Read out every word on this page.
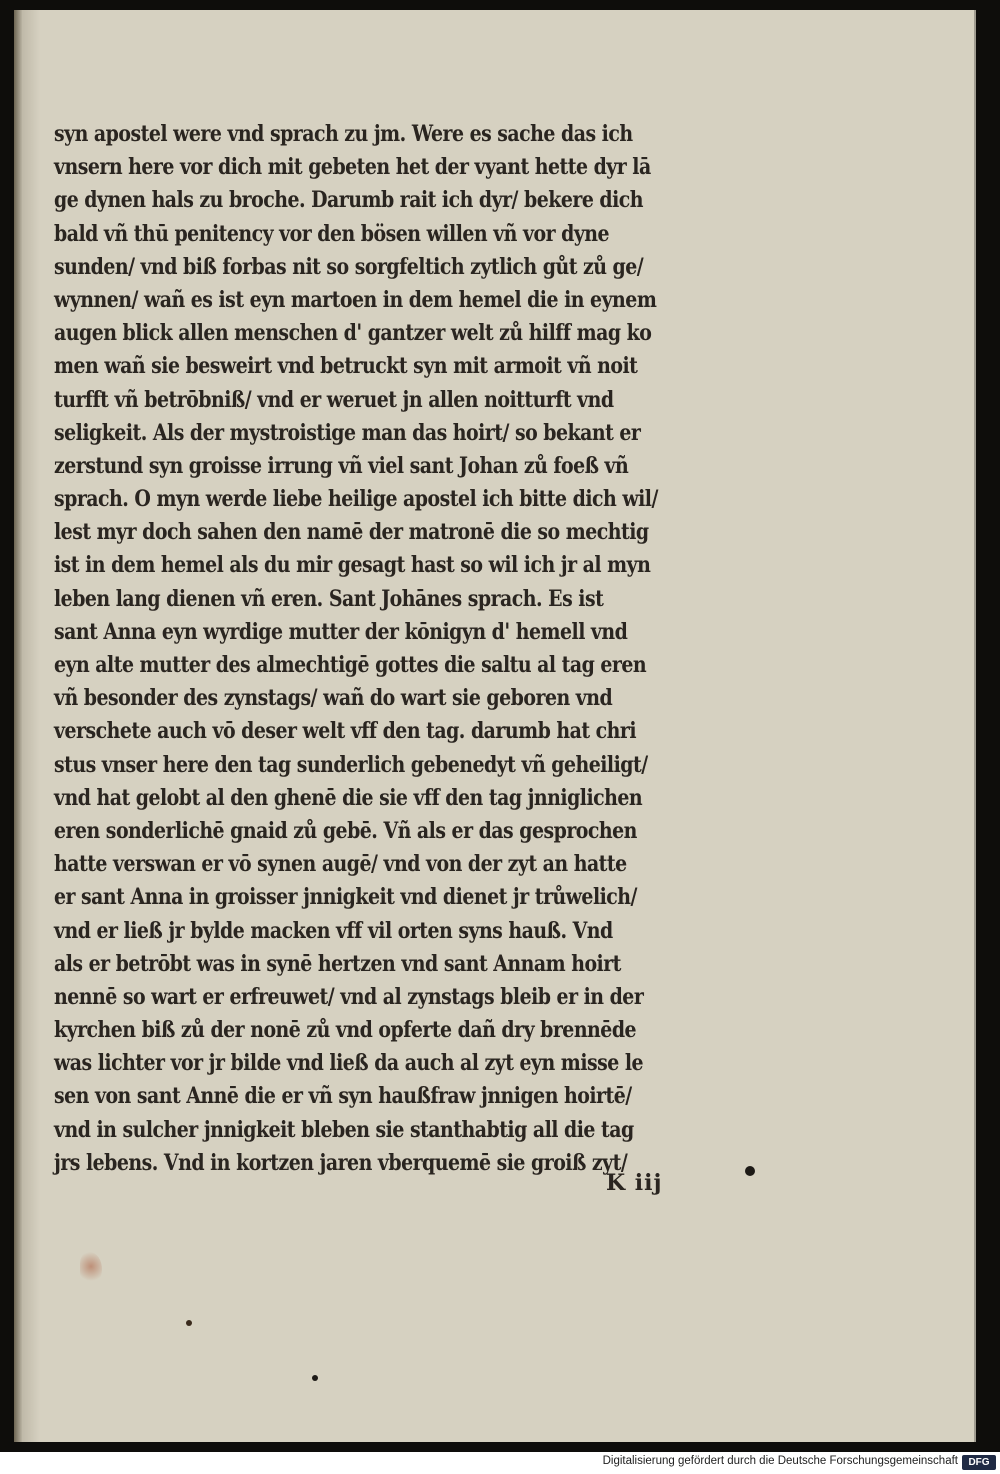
syn apostel were vnd sprach zu jm. Were es sache das ich
vnsern here vor dich mit gebeten het der vyant hette dyr lā
ge dynen hals zu broche. Darumb rait ich dyr/ bekere dich
bald vñ thū penitency vor den bösen willen vñ vor dyne
sunden/ vnd biß forbas nit so sorgfeltich zytlich gůt zů ge/
wynnen/ wañ es ist eyn martoen in dem hemel die in eynem
augen blick allen menschen d' gantzer welt zů hilff mag ko
men wañ sie besweirt vnd betruckt syn mit armoit vñ noit
turfft vñ betrōbniß/ vnd er weruet jn allen noitturft vnd
seligkeit. Als der mystroistige man das hoirt/ so bekant er
zerstund syn groisse irrung vñ viel sant Johan zů foeß vñ
sprach. O myn werde liebe heilige apostel ich bitte dich wil/
lest myr doch sahen den namē der matronē die so mechtig
ist in dem hemel als du mir gesagt hast so wil ich jr al myn
leben lang dienen vñ eren. Sant Johānes sprach. Es ist
sant Anna eyn wyrdige mutter der kōnigyn d' hemell vnd
eyn alte mutter des almechtigē gottes die saltu al tag eren
vñ besonder des zynstags/ wañ do wart sie geboren vnd
verschete auch vō deser welt vff den tag. darumb hat chri
stus vnser here den tag sunderlich gebenedyt vñ geheiligt/
vnd hat gelobt al den ghenē die sie vff den tag jnniglichen
eren sonderlichē gnaid zů gebē. Vñ als er das gesprochen
hatte verswan er vō synen augē/ vnd von der zyt an hatte
er sant Anna in groisser jnnigkeit vnd dienet jr trůwelich/
vnd er ließ jr bylde macken vff vil orten syns hauß. Vnd
als er betrōbt was in synē hertzen vnd sant Annam hoirt
nennē so wart er erfreuwet/ vnd al zynstags bleib er in der
kyrchen biß zů der nonē zů vnd opferte dañ dry brennēde
was lichter vor jr bilde vnd ließ da auch al zyt eyn misse le
sen von sant Annē die er vñ syn haußfraw jnnigen hoirtē/
vnd in sulcher jnnigkeit bleben sie stanthabtig all die tag
jrs lebens. Vnd in kortzen jaren vberquemē sie groiß zyt/
K iij
Digitalisierung gefördert durch die Deutsche Forschungsgemeinschaft	DFG
